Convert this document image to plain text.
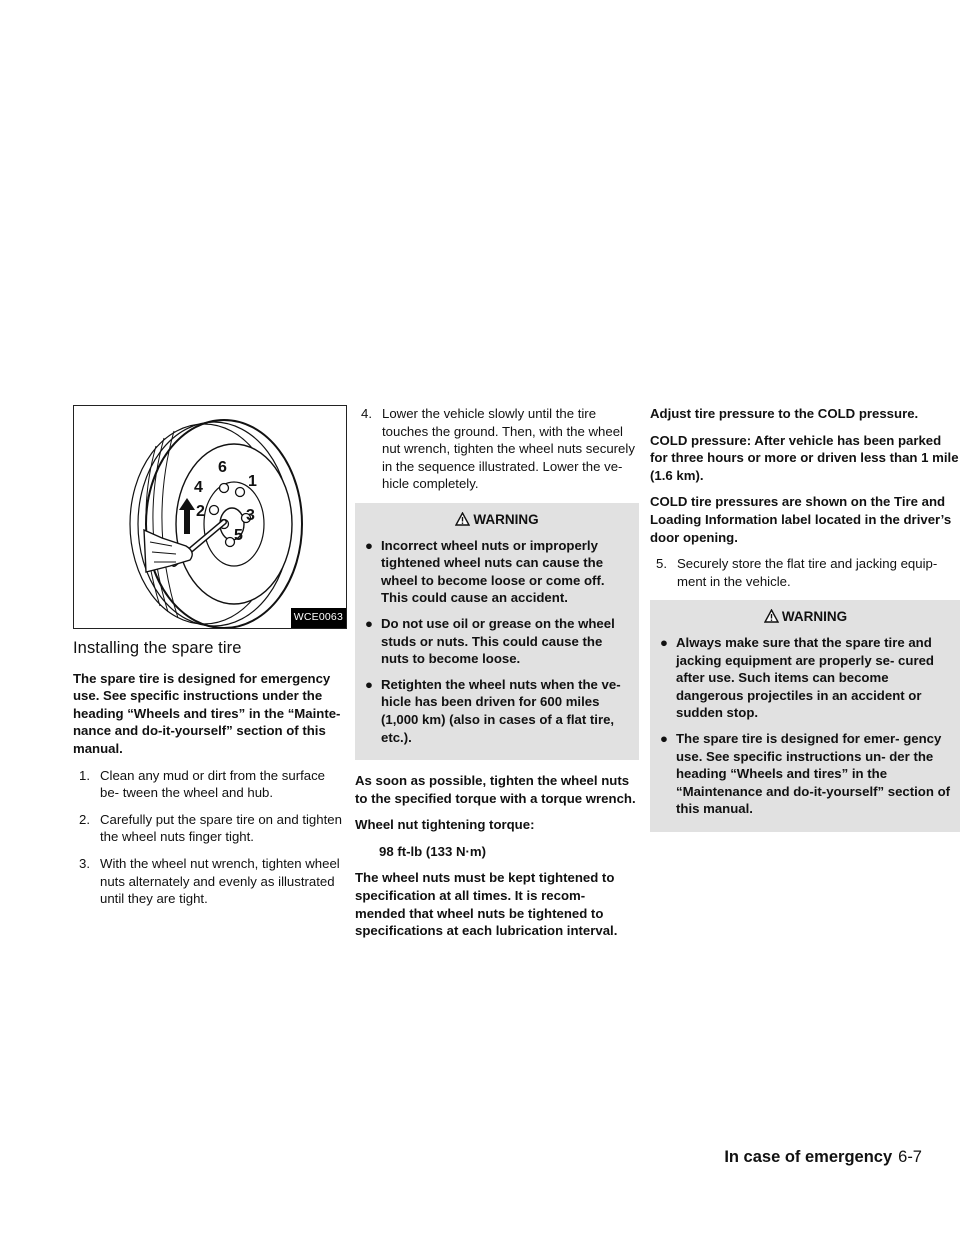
6
1
4
2	3
5
WCE0063
Installing the spare tire

The spare tire is designed for emergency use. See specific instructions under the heading “Wheels and tires” in the “Mainte- nance and do-it-yourself” section of this manual.

1. Clean any mud or dirt from the surface be- tween the wheel and hub.
2. Carefully put the spare tire on and tighten the wheel nuts finger tight.
3. With the wheel nut wrench, tighten wheel nuts alternately and evenly as illustrated until they are tight.
4. Lower the vehicle slowly until the tire touches the ground. Then, with the wheel nut wrench, tighten the wheel nuts securely in the sequence illustrated. Lower the ve- hicle completely.
WARNING
● Incorrect wheel nuts or improperly tightened wheel nuts can cause the wheel to become loose or come off. This could cause an accident.
● Do not use oil or grease on the wheel studs or nuts. This could cause the nuts to become loose.
● Retighten the wheel nuts when the ve- hicle has been driven for 600 miles (1,000 km) (also in cases of a flat tire, etc.).

As soon as possible, tighten the wheel nuts to the specified torque with a torque wrench.

Wheel nut tightening torque:

98 ft-lb (133 N·m)

The wheel nuts must be kept tightened to specification at all times. It is recom- mended that wheel nuts be tightened to specifications at each lubrication interval.

Adjust tire pressure to the COLD pressure.

COLD pressure: After vehicle has been parked for three hours or more or driven less than 1 mile (1.6 km).

COLD tire pressures are shown on the Tire and Loading Information label located in the driver’s door opening.

5. Securely store the flat tire and jacking equip- ment in the vehicle.
WARNING
● Always make sure that the spare tire and jacking equipment are properly se- cured after use. Such items can become dangerous projectiles in an accident or sudden stop.
● The spare tire is designed for emer- gency use. See specific instructions un- der the heading “Wheels and tires” in the “Maintenance and do-it-yourself” section of this manual.
In case of emergency 6-7
